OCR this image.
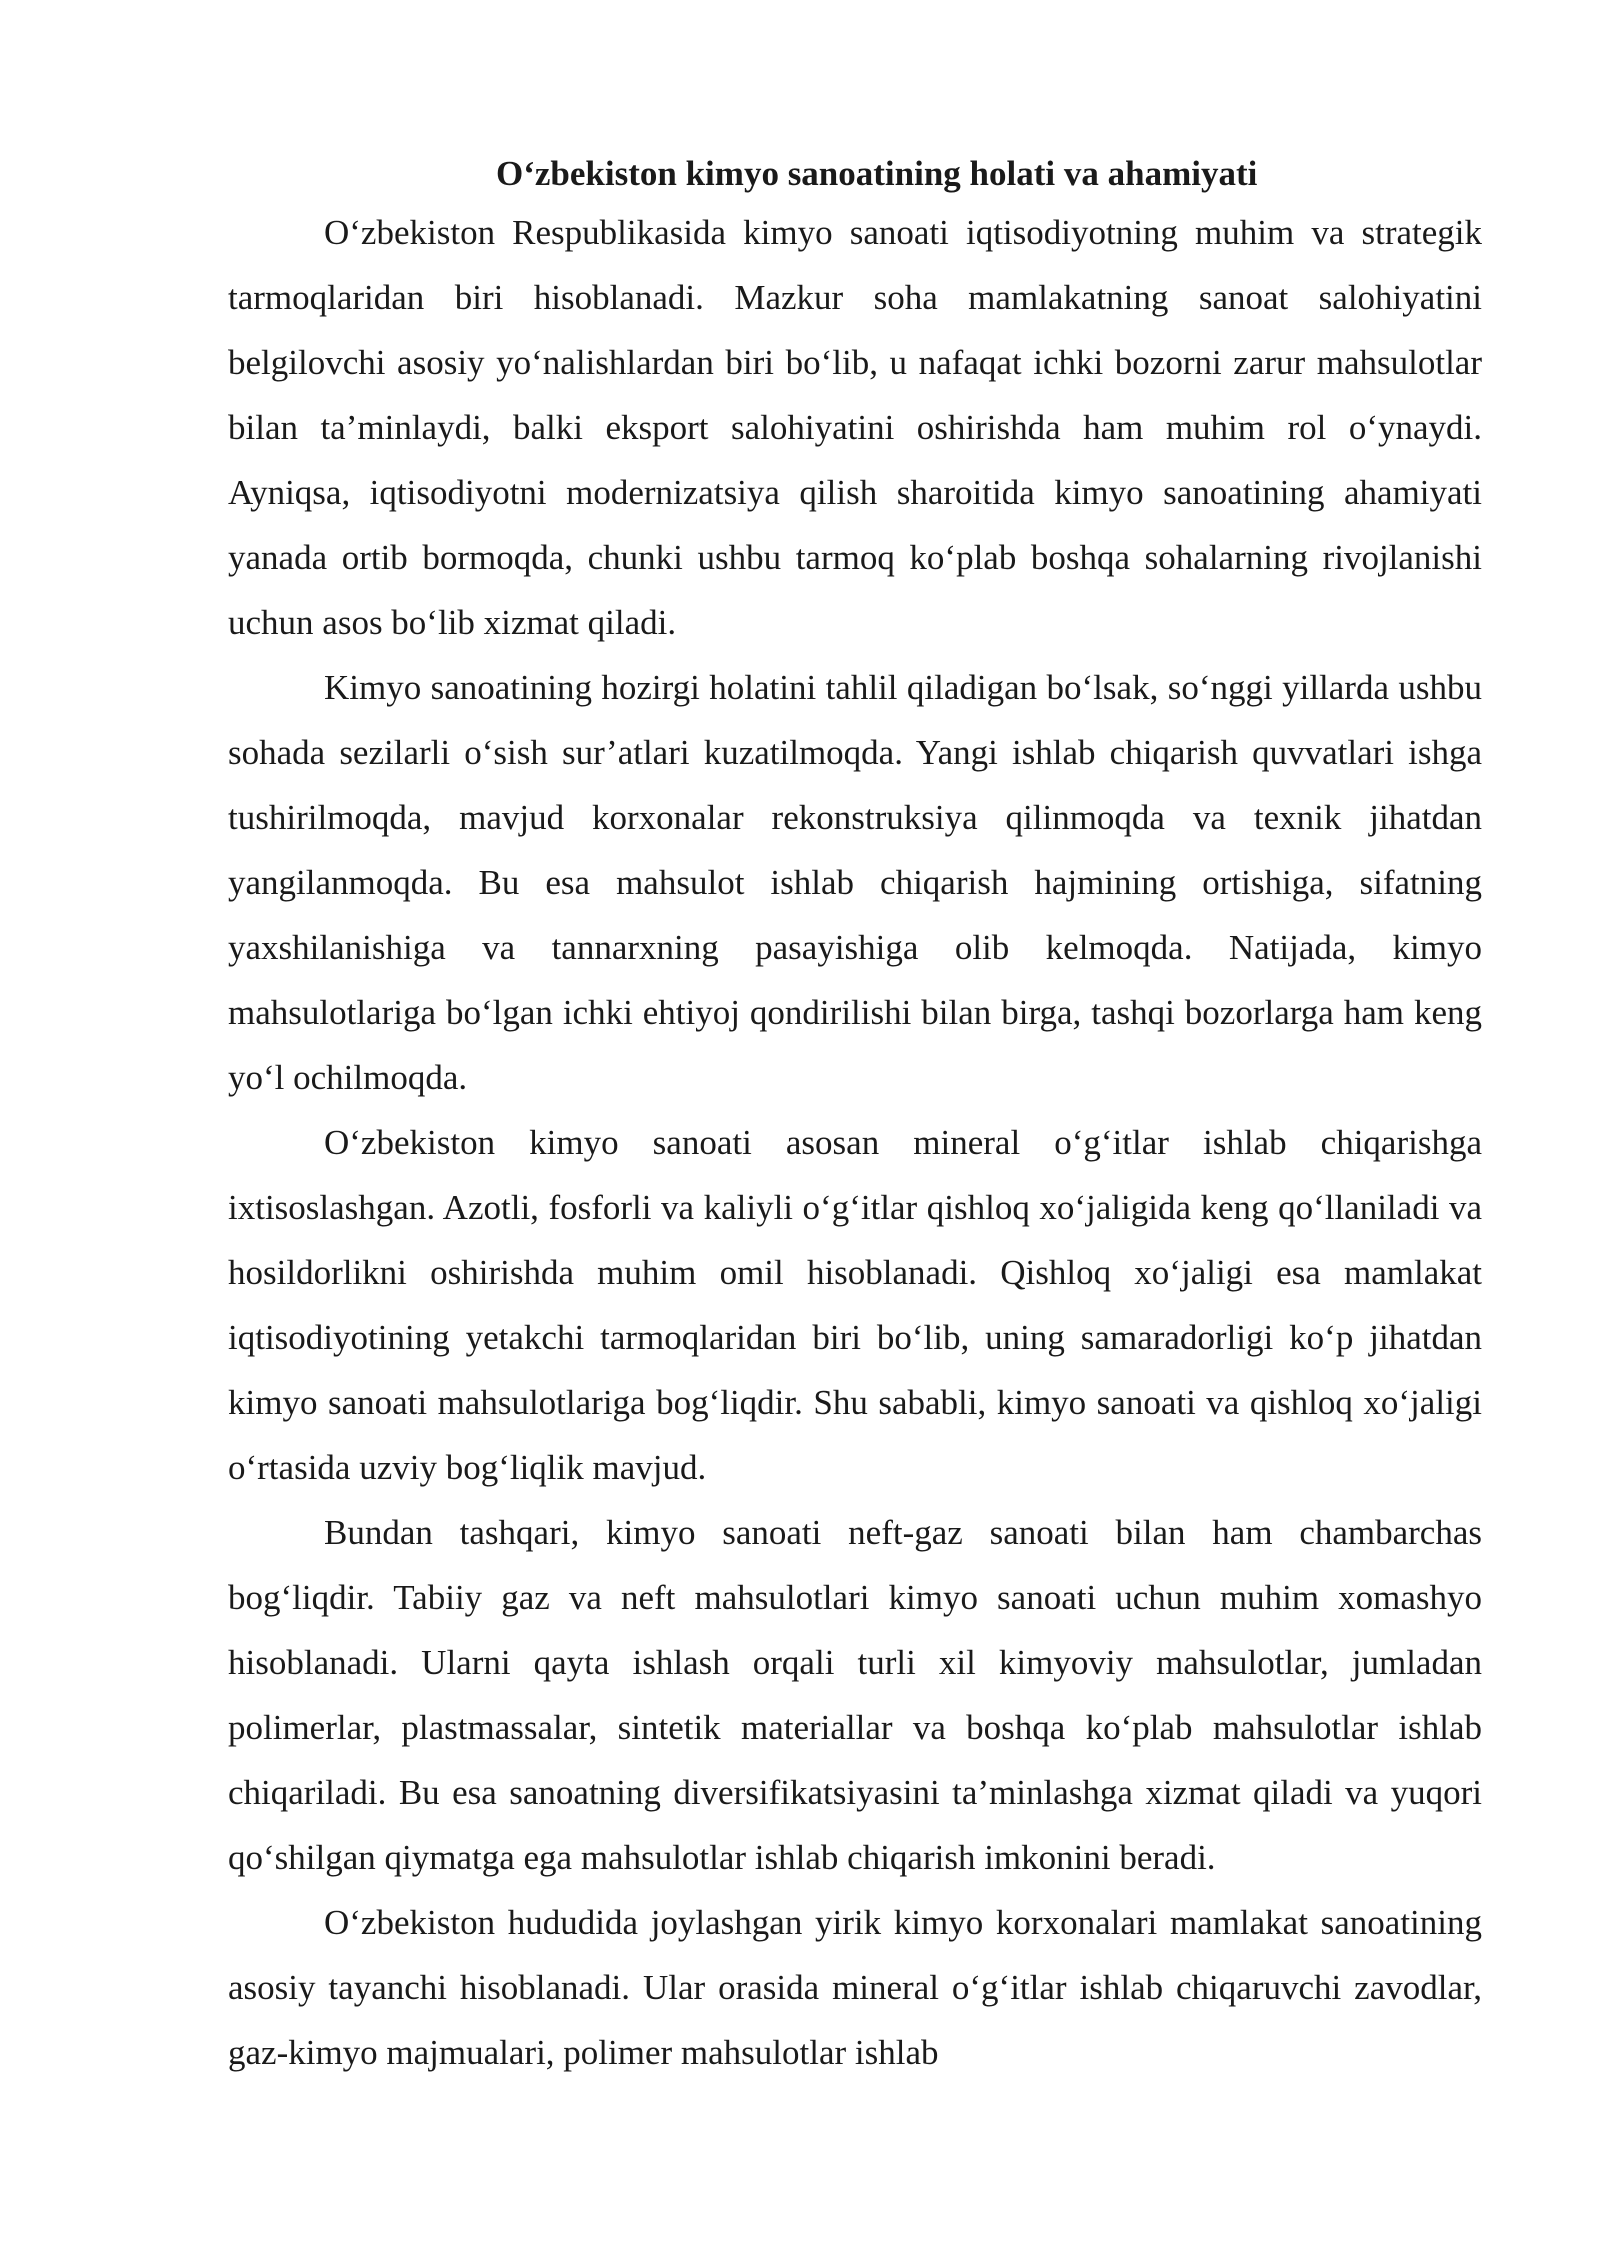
O‘zbekiston kimyo sanoatining holati va ahamiyati

O‘zbekiston Respublikasida kimyo sanoati iqtisodiyotning muhim va strategik tarmoqlaridan biri hisoblanadi. Mazkur soha mamlakatning sanoat salohiyatini belgilovchi asosiy yo‘nalishlardan biri bo‘lib, u nafaqat ichki bozorni zarur mahsulotlar bilan ta’minlaydi, balki eksport salohiyatini oshirishda ham muhim rol o‘ynaydi. Ayniqsa, iqtisodiyotni modernizatsiya qilish sharoitida kimyo sanoatining ahamiyati yanada ortib bormoqda, chunki ushbu tarmoq ko‘plab boshqa sohalarning rivojlanishi uchun asos bo‘lib xizmat qiladi.

Kimyo sanoatining hozirgi holatini tahlil qiladigan bo‘lsak, so‘nggi yillarda ushbu sohada sezilarli o‘sish sur’atlari kuzatilmoqda. Yangi ishlab chiqarish quvvatlari ishga tushirilmoqda, mavjud korxonalar rekonstruksiya qilinmoqda va texnik jihatdan yangilanmoqda. Bu esa mahsulot ishlab chiqarish hajmining ortishiga, sifatning yaxshilanishiga va tannarxning pasayishiga olib kelmoqda. Natijada, kimyo mahsulotlariga bo‘lgan ichki ehtiyoj qondirilishi bilan birga, tashqi bozorlarga ham keng yo‘l ochilmoqda.

O‘zbekiston kimyo sanoati asosan mineral o‘g‘itlar ishlab chiqarishga ixtisoslashgan. Azotli, fosforli va kaliyli o‘g‘itlar qishloq xo‘jaligida keng qo‘llaniladi va hosildorlikni oshirishda muhim omil hisoblanadi. Qishloq xo‘jaligi esa mamlakat iqtisodiyotining yetakchi tarmoqlaridan biri bo‘lib, uning samaradorligi ko‘p jihatdan kimyo sanoati mahsulotlariga bog‘liqdir. Shu sababli, kimyo sanoati va qishloq xo‘jaligi o‘rtasida uzviy bog‘liqlik mavjud.

Bundan tashqari, kimyo sanoati neft-gaz sanoati bilan ham chambarchas bog‘liqdir. Tabiiy gaz va neft mahsulotlari kimyo sanoati uchun muhim xomashyo hisoblanadi. Ularni qayta ishlash orqali turli xil kimyoviy mahsulotlar, jumladan polimerlar, plastmassalar, sintetik materiallar va boshqa ko‘plab mahsulotlar ishlab chiqariladi. Bu esa sanoatning diversifikatsiyasini ta’minlashga xizmat qiladi va yuqori qo‘shilgan qiymatga ega mahsulotlar ishlab chiqarish imkonini beradi.

O‘zbekiston hududida joylashgan yirik kimyo korxonalari mamlakat sanoatining asosiy tayanchi hisoblanadi. Ular orasida mineral o‘g‘itlar ishlab chiqaruvchi zavodlar, gaz-kimyo majmualari, polimer mahsulotlar ishlab
